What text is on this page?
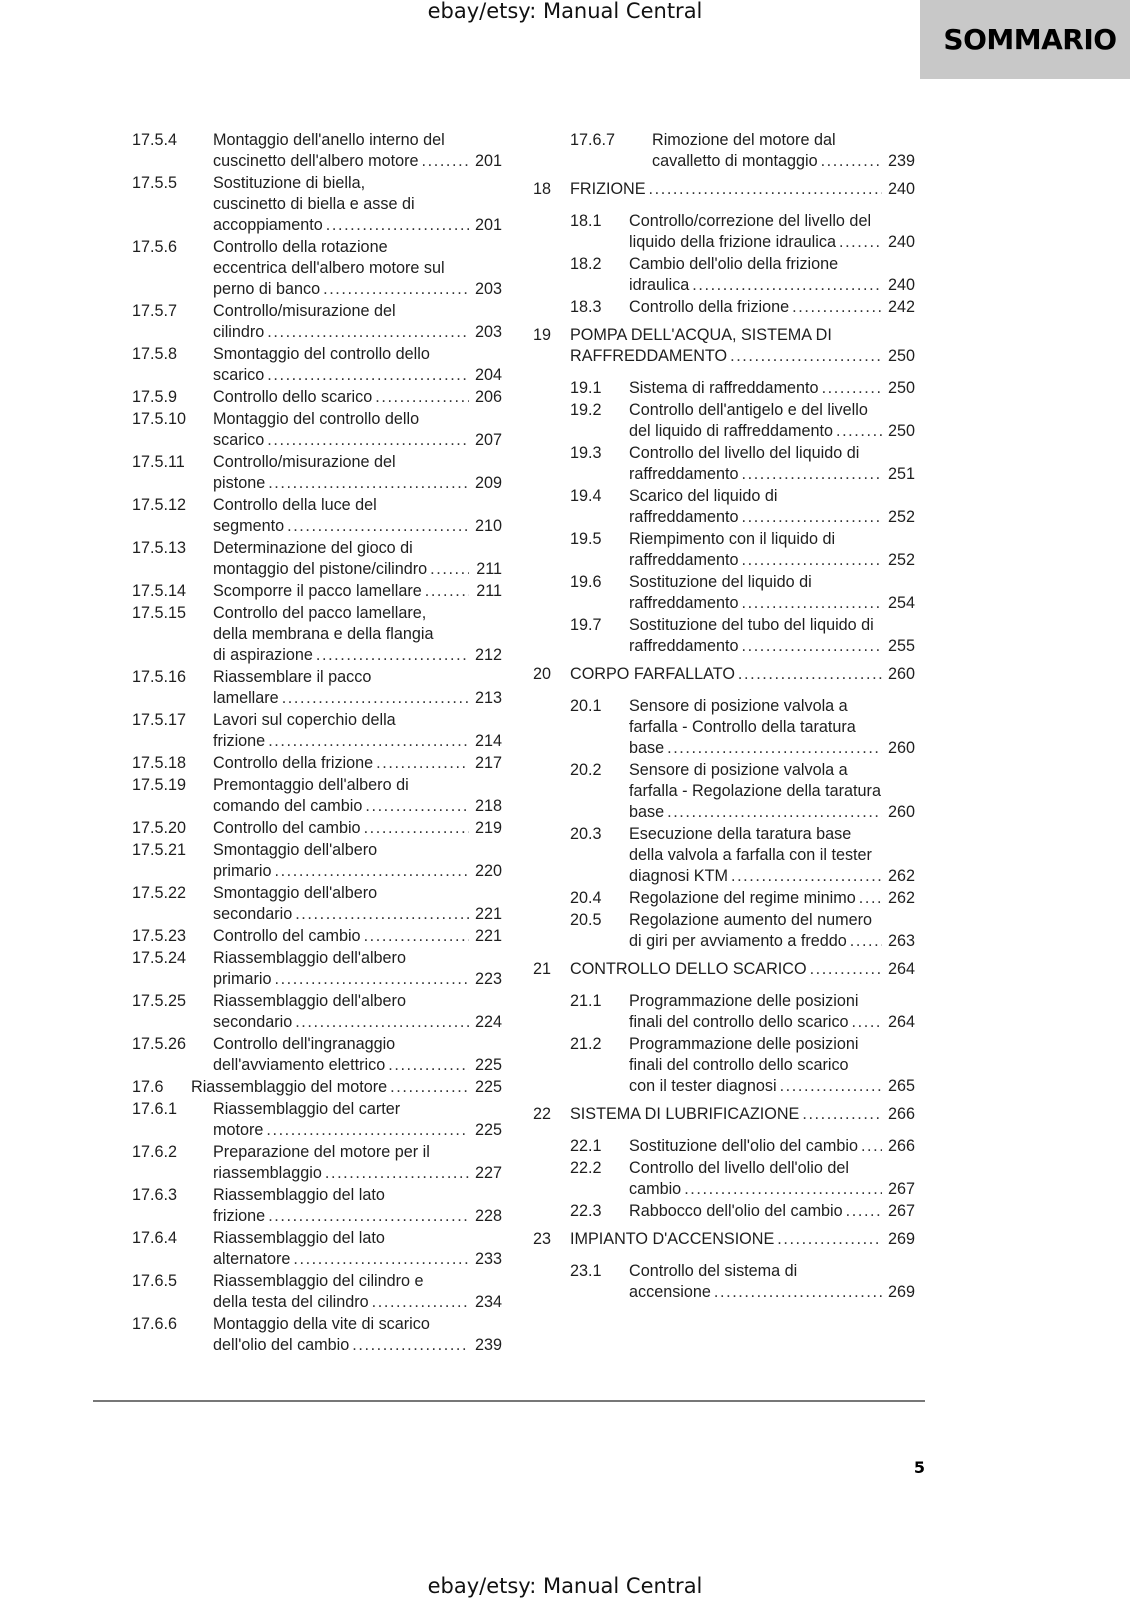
ebay/etsy: Manual Central
SOMMARIO
17.5.4	Montaggio dell'anello interno del
cuscinetto dell'albero motore .....	201
17.5.5	Sostituzione di biella,
cuscinetto di biella e asse di
accoppiamento .....	201
17.5.6	Controllo della rotazione
eccentrica dell'albero motore sul
perno di banco .....	203
17.5.7	Controllo/misurazione del
cilindro .....	203
17.5.8	Smontaggio del controllo dello
scarico .....	204
17.5.9	Controllo dello scarico .....	206
17.5.10	Montaggio del controllo dello
scarico .....	207
17.5.11	Controllo/misurazione del
pistone .....	209
17.5.12	Controllo della luce del
segmento .....	210
17.5.13	Determinazione del gioco di
montaggio del pistone/cilindro .....	211
17.5.14	Scomporre il pacco lamellare .....	211
17.5.15	Controllo del pacco lamellare,
della membrana e della flangia
di aspirazione .....	212
17.5.16	Riassemblare il pacco
lamellare .....	213
17.5.17	Lavori sul coperchio della
frizione .....	214
17.5.18	Controllo della frizione .....	217
17.5.19	Premontaggio dell'albero di
comando del cambio .....	218
17.5.20	Controllo del cambio .....	219
17.5.21	Smontaggio dell'albero
primario .....	220
17.5.22	Smontaggio dell'albero
secondario .....	221
17.5.23	Controllo del cambio .....	221
17.5.24	Riassemblaggio dell'albero
primario .....	223
17.5.25	Riassemblaggio dell'albero
secondario .....	224
17.5.26	Controllo dell'ingranaggio
dell'avviamento elettrico .....	225
17.6	Riassemblaggio del motore .....	225
17.6.1	Riassemblaggio del carter
motore .....	225
17.6.2	Preparazione del motore per il
riassemblaggio .....	227
17.6.3	Riassemblaggio del lato
frizione .....	228
17.6.4	Riassemblaggio del lato
alternatore .....	233
17.6.5	Riassemblaggio del cilindro e
della testa del cilindro .....	234
17.6.6	Montaggio della vite di scarico
dell'olio del cambio .....	239
17.6.7	Rimozione del motore dal
cavalletto di montaggio .....	239
18	FRIZIONE .....	240
18.1	Controllo/correzione del livello del
liquido della frizione idraulica .....	240
18.2	Cambio dell'olio della frizione
idraulica .....	240
18.3	Controllo della frizione .....	242
19	POMPA DELL'ACQUA, SISTEMA DI
RAFFREDDAMENTO .....	250
19.1	Sistema di raffreddamento .....	250
19.2	Controllo dell'antigelo e del livello
del liquido di raffreddamento .....	250
19.3	Controllo del livello del liquido di
raffreddamento .....	251
19.4	Scarico del liquido di
raffreddamento .....	252
19.5	Riempimento con il liquido di
raffreddamento .....	252
19.6	Sostituzione del liquido di
raffreddamento .....	254
19.7	Sostituzione del tubo del liquido di
raffreddamento .....	255
20	CORPO FARFALLATO .....	260
20.1	Sensore di posizione valvola a
farfalla - Controllo della taratura
base .....	260
20.2	Sensore di posizione valvola a
farfalla - Regolazione della taratura
base .....	260
20.3	Esecuzione della taratura base
della valvola a farfalla con il tester
diagnosi KTM .....	262
20.4	Regolazione del regime minimo ..... 262
20.5	Regolazione aumento del numero
di giri per avviamento a freddo .....	263
21	CONTROLLO DELLO SCARICO .....	264
21.1	Programmazione delle posizioni
finali del controllo dello scarico ..... 264
21.2	Programmazione delle posizioni
finali del controllo dello scarico
con il tester diagnosi .....	265
22	SISTEMA DI LUBRIFICAZIONE .....	266
22.1	Sostituzione dell'olio del cambio ..... 266
22.2	Controllo del livello dell'olio del
cambio .....	267
22.3	Rabbocco dell'olio del cambio .....	267
23	IMPIANTO D'ACCENSIONE .....	269
23.1	Controllo del sistema di
accensione .....	269
5
ebay/etsy: Manual Central
